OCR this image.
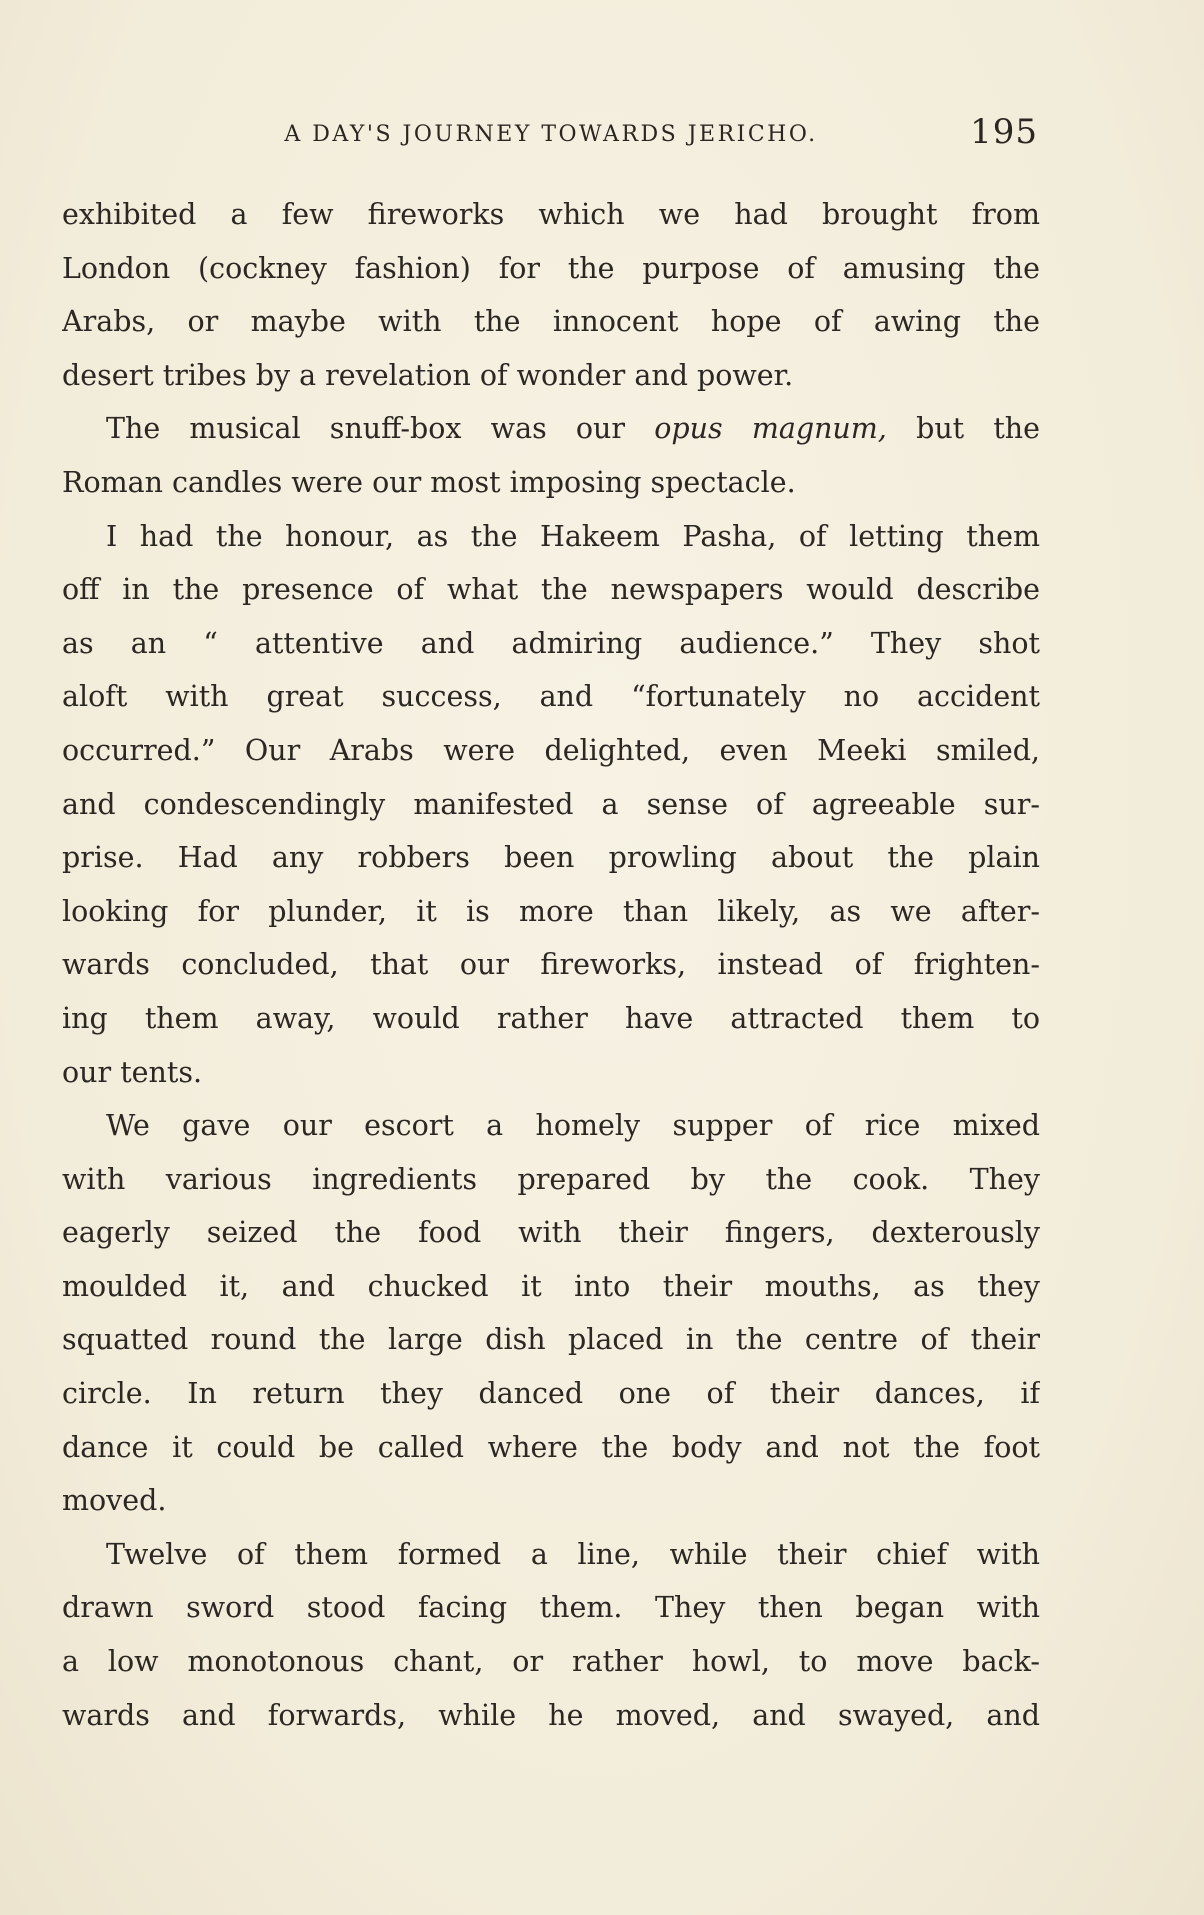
A DAY'S JOURNEY TOWARDS JERICHO.	195
exhibited a few fireworks which we had brought from
London (cockney fashion) for the purpose of amusing the
Arabs, or maybe with the innocent hope of awing the
desert tribes by a revelation of wonder and power.
The musical snuff-box was our opus magnum, but the
Roman candles were our most imposing spectacle.
I had the honour, as the Hakeem Pasha, of letting them
off in the presence of what the newspapers would describe
as an “ attentive and admiring audience.” They shot
aloft with great success, and “fortunately no accident
occurred.” Our Arabs were delighted, even Meeki smiled,
and condescendingly manifested a sense of agreeable sur-
prise. Had any robbers been prowling about the plain
looking for plunder, it is more than likely, as we after-
wards concluded, that our fireworks, instead of frighten-
ing them away, would rather have attracted them to
our tents.
We gave our escort a homely supper of rice mixed
with various ingredients prepared by the cook. They
eagerly seized the food with their fingers, dexterously
moulded it, and chucked it into their mouths, as they
squatted round the large dish placed in the centre of their
circle. In return they danced one of their dances, if
dance it could be called where the body and not the foot
moved.
Twelve of them formed a line, while their chief with
drawn sword stood facing them. They then began with
a low monotonous chant, or rather howl, to move back-
wards and forwards, while he moved, and swayed, and
